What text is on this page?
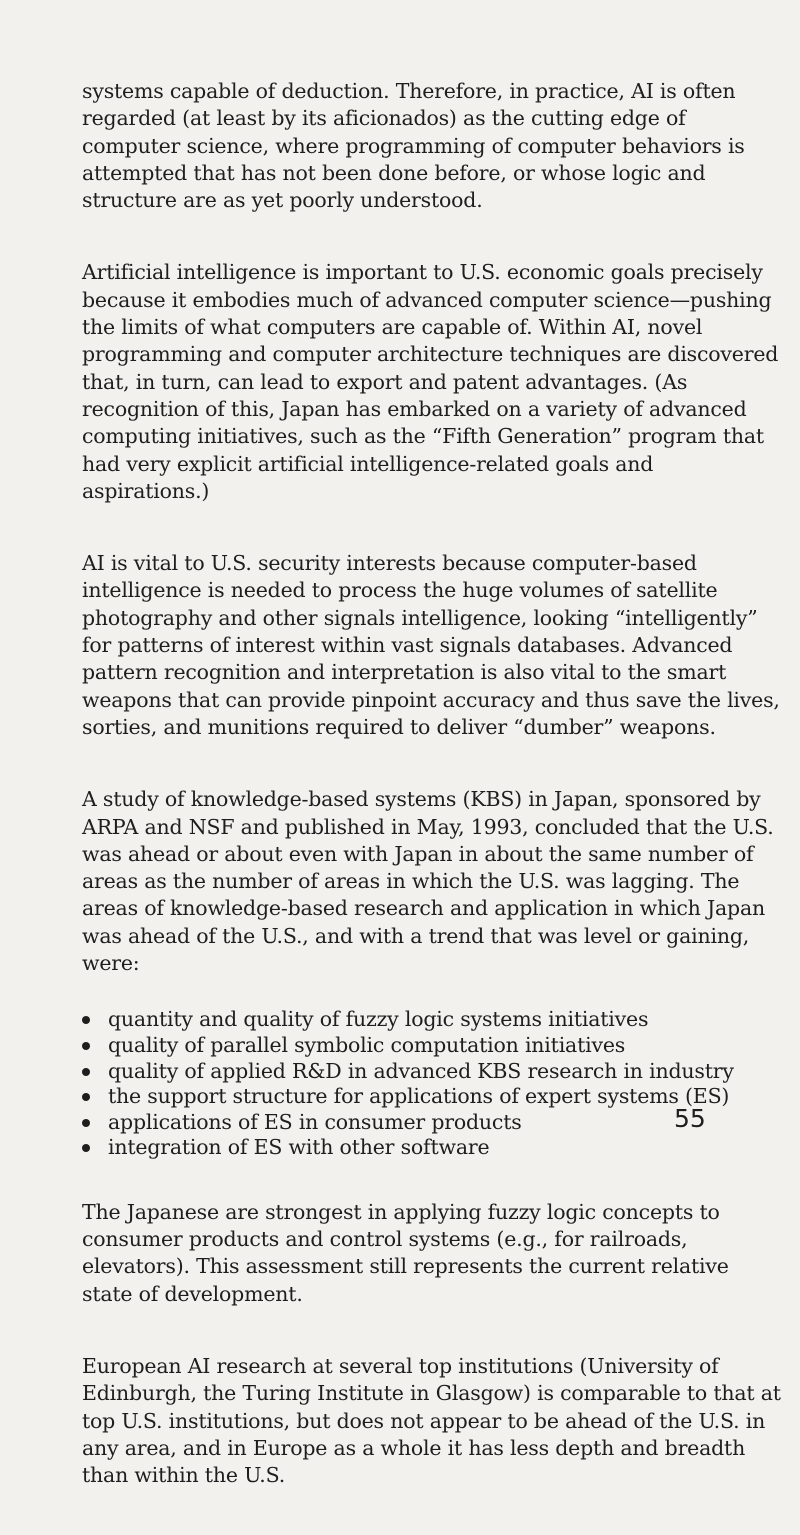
systems capable of deduction. Therefore, in practice, AI is often regarded (at least by its aficionados) as the cutting edge of computer science, where programming of computer behaviors is attempted that has not been done before, or whose logic and structure are as yet poorly understood.

Artificial intelligence is important to U.S. economic goals precisely because it embodies much of advanced computer science—pushing the limits of what computers are capable of. Within AI, novel programming and computer architecture techniques are discovered that, in turn, can lead to export and patent advantages. (As recognition of this, Japan has embarked on a variety of advanced computing initiatives, such as the “Fifth Generation” program that had very explicit artificial intelligence-related goals and aspirations.)

AI is vital to U.S. security interests because computer-based intelligence is needed to process the huge volumes of satellite photography and other signals intelligence, looking “intelligently” for patterns of interest within vast signals databases. Advanced pattern recognition and interpretation is also vital to the smart weapons that can provide pinpoint accuracy and thus save the lives, sorties, and munitions required to deliver “dumber” weapons.

A study of knowledge-based systems (KBS) in Japan, sponsored by ARPA and NSF and published in May, 1993, concluded that the U.S. was ahead or about even with Japan in about the same number of areas as the number of areas in which the U.S. was lagging. The areas of knowledge-based research and application in which Japan was ahead of the U.S., and with a trend that was level or gaining, were:

quantity and quality of fuzzy logic systems initiatives
quality of parallel symbolic computation initiatives
quality of applied R&D in advanced KBS research in industry
the support structure for applications of expert systems (ES)
applications of ES in consumer products
integration of ES with other software

The Japanese are strongest in applying fuzzy logic concepts to consumer products and control systems (e.g., for railroads, elevators). This assessment still represents the current relative state of development.

European AI research at several top institutions (University of Edinburgh, the Turing Institute in Glasgow) is comparable to that at top U.S. institutions, but does not appear to be ahead of the U.S. in any area, and in Europe as a whole it has less depth and breadth than within the U.S.

55
